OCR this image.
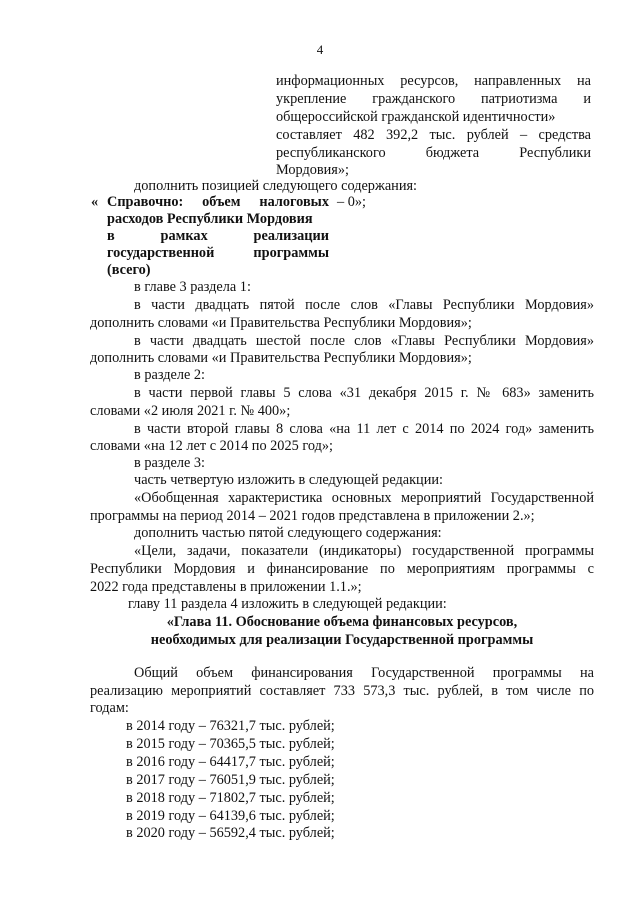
4
информационных ресурсов, направленных на
укрепление гражданского патриотизма и
общероссийской гражданской идентичности»
составляет 482 392,2 тыс. рублей – средства
республиканского бюджета Республики
Мордовия»;
дополнить позицией следующего содержания:
« Справочно: объем налоговых
расходов Республики Мордовия
в рамках реализации
государственной программы
(всего)
– 0»;
в главе 3 раздела 1:
в части двадцать пятой после слов «Главы Республики Мордовия»
дополнить словами «и Правительства Республики Мордовия»;
в части двадцать шестой после слов «Главы Республики Мордовия»
дополнить словами «и Правительства Республики Мордовия»;
в разделе 2:
в части первой главы 5 слова «31 декабря 2015 г. № 683» заменить
словами «2 июля 2021 г. № 400»;
в части второй главы 8 слова «на 11 лет с 2014 по 2024 год» заменить
словами «на 12 лет с 2014 по 2025 год»;
в разделе 3:
часть четвертую изложить в следующей редакции:
«Обобщенная характеристика основных мероприятий Государственной
программы на период 2014 – 2021 годов представлена в приложении 2.»;
дополнить частью пятой следующего содержания:
«Цели, задачи, показатели (индикаторы) государственной программы
Республики Мордовия и финансирование по мероприятиям программы с
2022 года представлены в приложении 1.1.»;
главу 11 раздела 4 изложить в следующей редакции:
«Глава 11. Обоснование объема финансовых ресурсов,
необходимых для реализации Государственной программы
Общий объем финансирования Государственной программы на
реализацию мероприятий составляет 733 573,3 тыс. рублей, в том числе по
годам:
в 2014 году – 76321,7 тыс. рублей;
в 2015 году – 70365,5 тыс. рублей;
в 2016 году – 64417,7 тыс. рублей;
в 2017 году – 76051,9 тыс. рублей;
в 2018 году – 71802,7 тыс. рублей;
в 2019 году – 64139,6 тыс. рублей;
в 2020 году – 56592,4 тыс. рублей;
